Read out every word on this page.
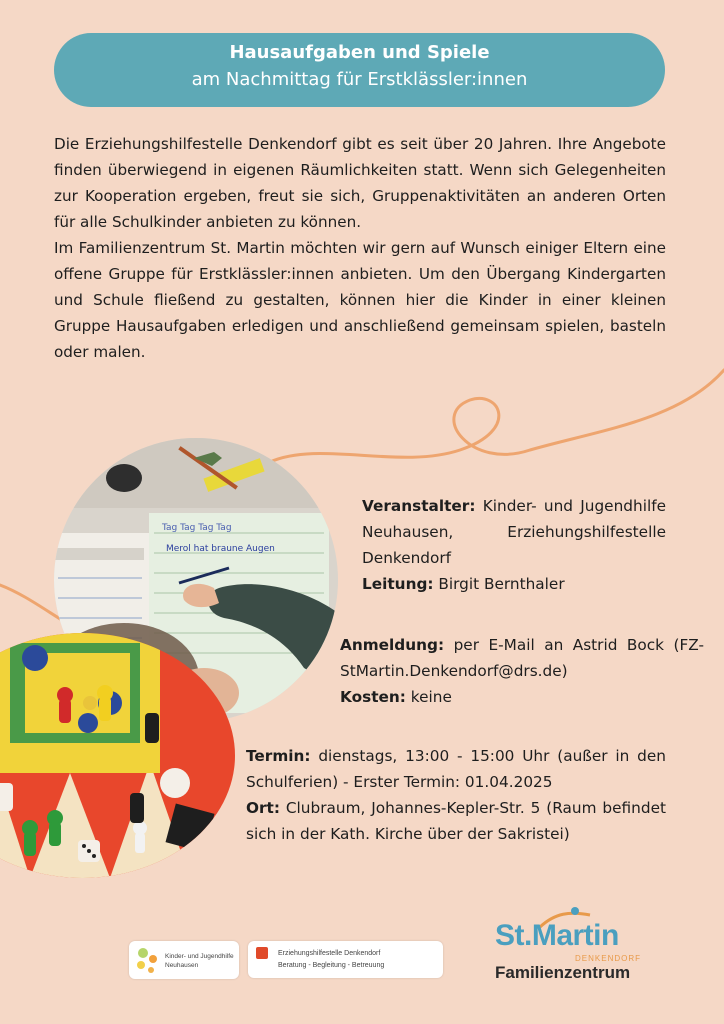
Hausaufgaben und Spiele
am Nachmittag für Erstklässler:innen

Die Erziehungshilfestelle Denkendorf gibt es seit über 20 Jahren. Ihre Angebote finden überwiegend in eigenen Räumlichkeiten statt. Wenn sich Gelegenheiten zur Kooperation ergeben, freut sie sich, Gruppenaktivitäten an anderen Orten für alle Schulkinder anbieten zu können.

Im Familienzentrum St. Martin möchten wir gern auf Wunsch einiger Eltern eine offene Gruppe für Erstklässler:innen anbieten. Um den Übergang Kindergarten und Schule fließend zu gestalten, können hier die Kinder in einer kleinen Gruppe Hausaufgaben erledigen und anschließend gemeinsam spielen, basteln oder malen.

Tag Tag Tag Tag
Merol hat braune Augen

Veranstalter: Kinder- und Jugendhilfe Neuhausen, Erziehungshilfestelle Denkendorf

Leitung: Birgit Bernthaler

Anmeldung: per E-Mail an Astrid Bock (FZ-StMartin.Denkendorf@drs.de)

Kosten: keine

Termin: dienstags, 13:00 - 15:00 Uhr (außer in den Schulferien) - Erster Termin: 01.04.2025

Ort: Clubraum, Johannes-Kepler-Str. 5 (Raum befindet sich in der Kath. Kirche über der Sakristei)

Kinder- und Jugendhilfe
Neuhausen
Erziehungshilfestelle Denkendorf
Beratung - Begleitung - Betreuung
St.Martin
DENKENDORF
Familienzentrum
